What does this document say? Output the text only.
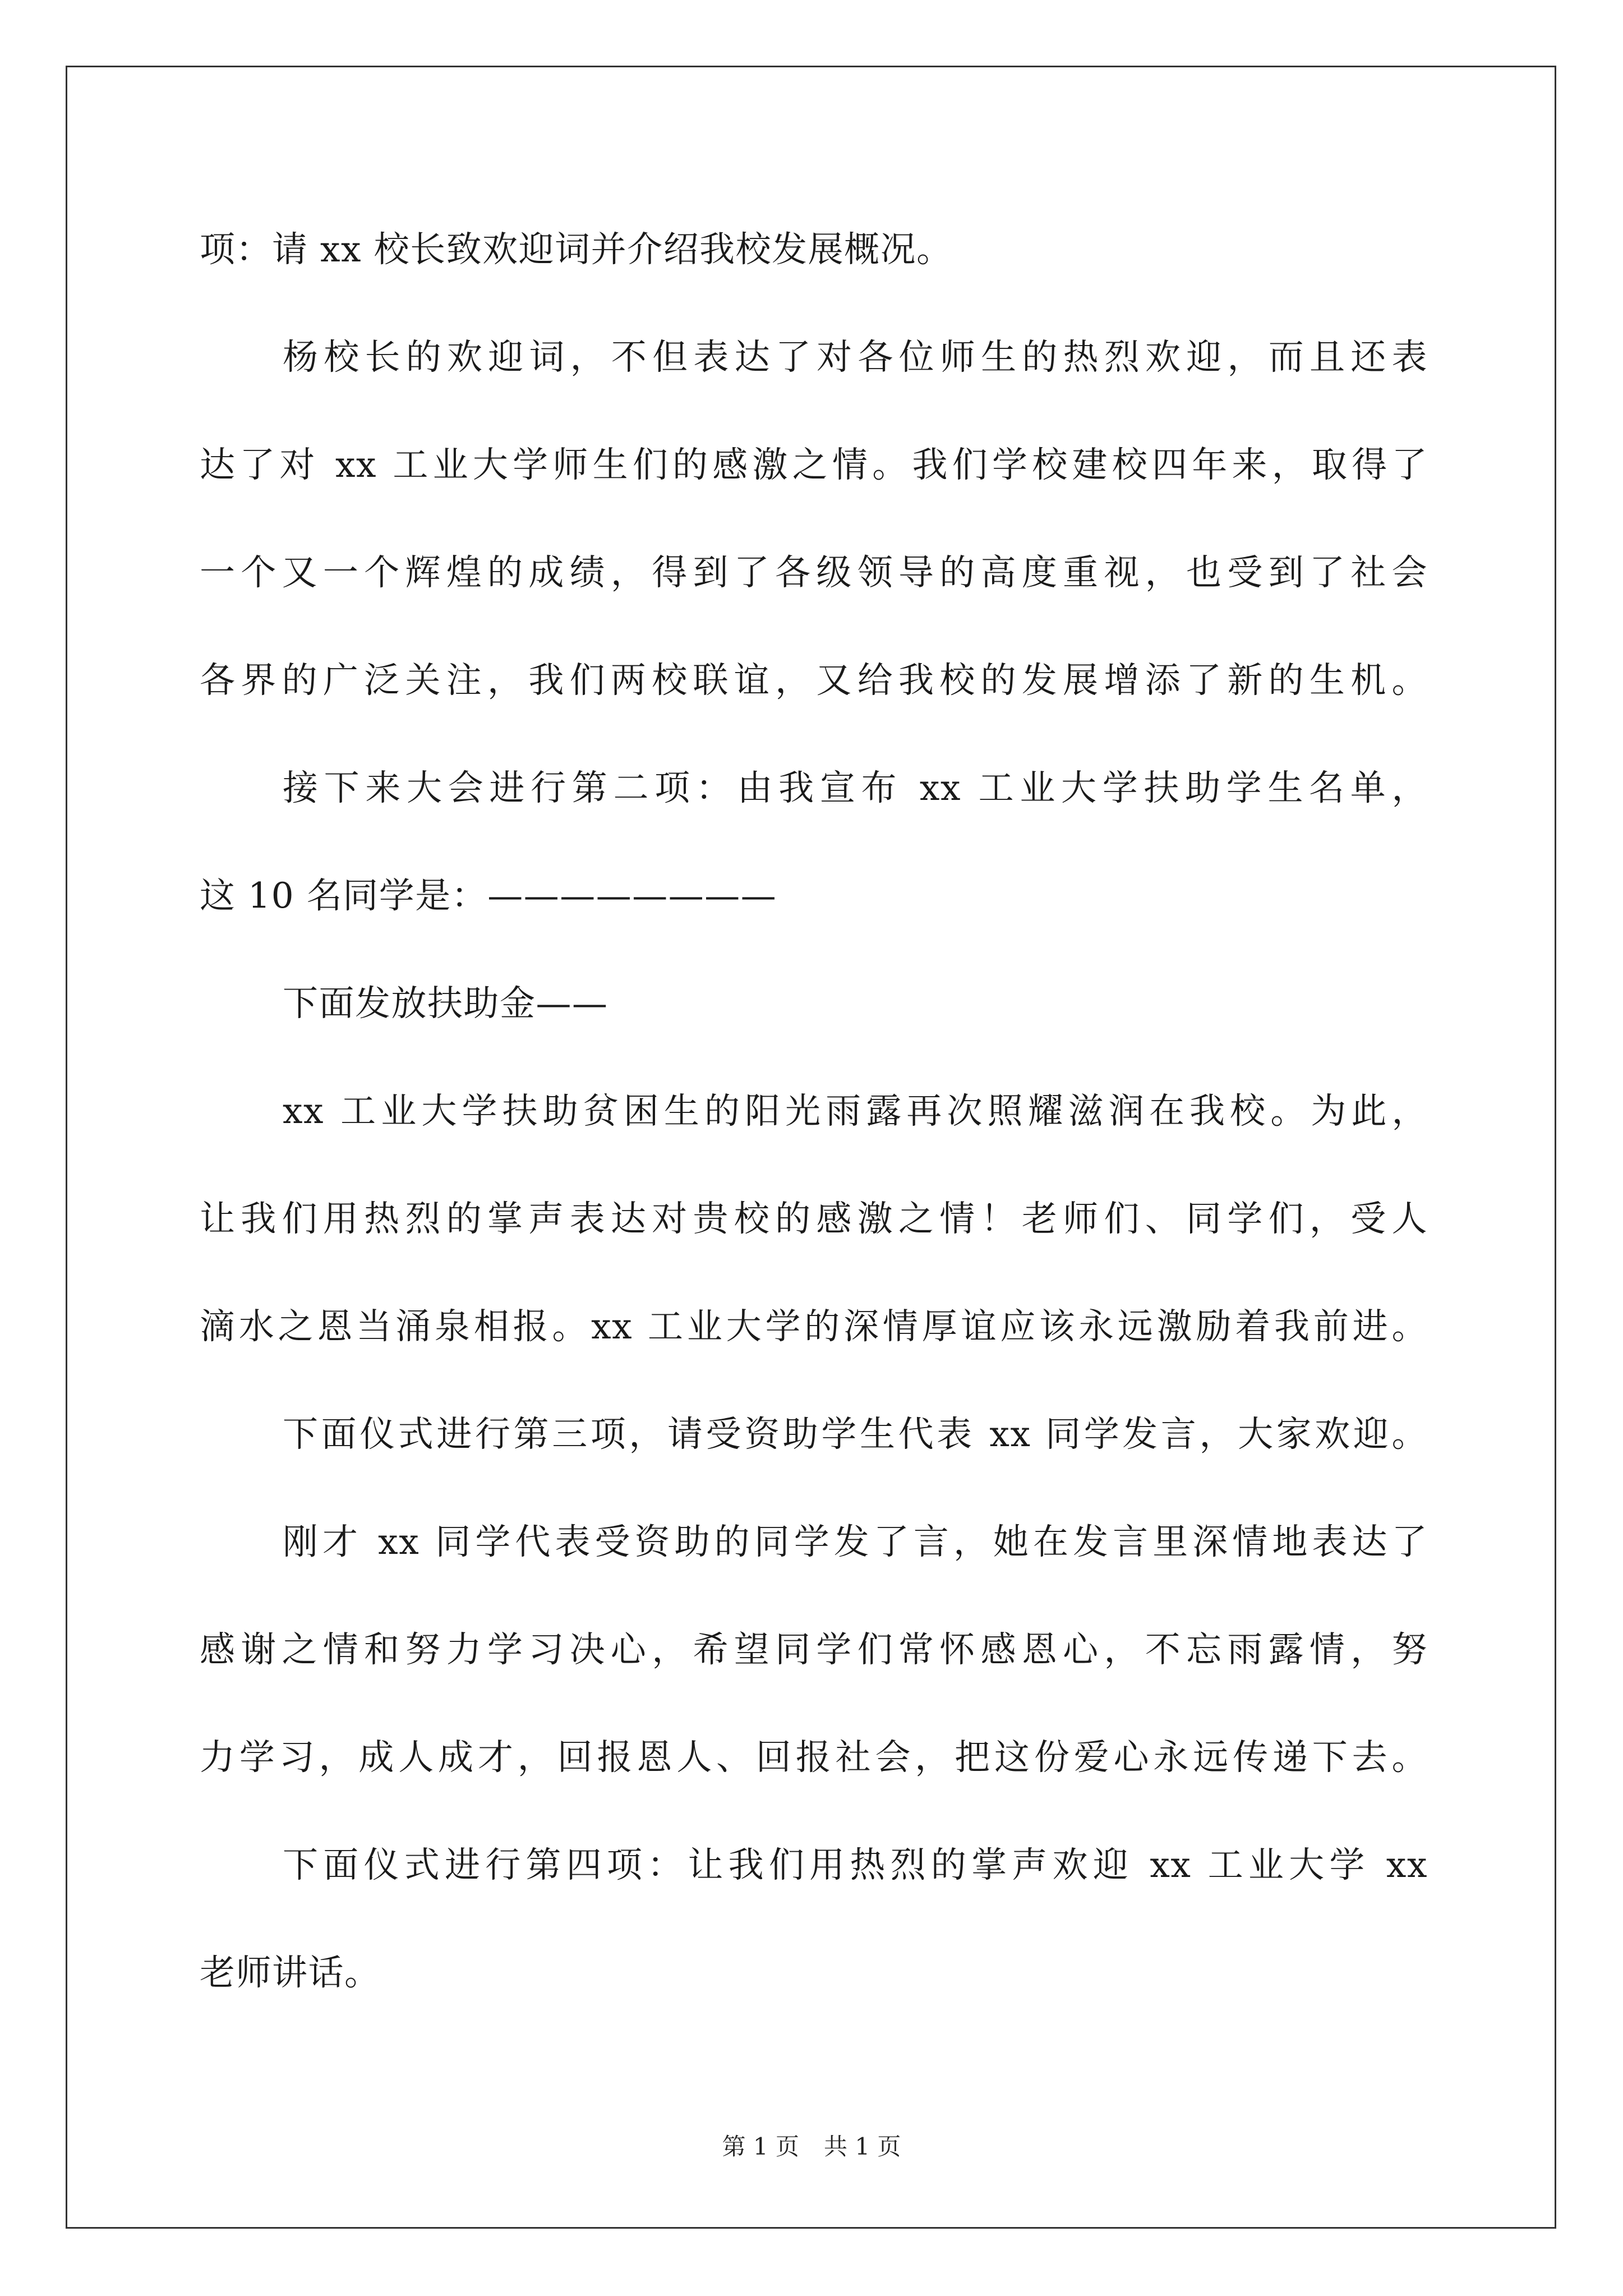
项：请 xx 校长致欢迎词并介绍我校发展概况。
杨校长的欢迎词，不但表达了对各位师生的热烈欢迎，而且还表
达了对 xx 工业大学师生们的感激之情。我们学校建校四年来，取得了
一个又一个辉煌的成绩，得到了各级领导的高度重视，也受到了社会
各界的广泛关注，我们两校联谊，又给我校的发展增添了新的生机。
接下来大会进行第二项：由我宣布 xx 工业大学扶助学生名单，
这 10 名同学是：————————
下面发放扶助金——
xx 工业大学扶助贫困生的阳光雨露再次照耀滋润在我校。为此，
让我们用热烈的掌声表达对贵校的感激之情！老师们、同学们，受人
滴水之恩当涌泉相报。xx 工业大学的深情厚谊应该永远激励着我前进。
下面仪式进行第三项，请受资助学生代表 xx 同学发言，大家欢迎。
刚才 xx 同学代表受资助的同学发了言，她在发言里深情地表达了
感谢之情和努力学习决心，希望同学们常怀感恩心，不忘雨露情，努
力学习，成人成才，回报恩人、回报社会，把这份爱心永远传递下去。
下面仪式进行第四项：让我们用热烈的掌声欢迎 xx 工业大学 xx
老师讲话。
第 1 页 共 1 页
